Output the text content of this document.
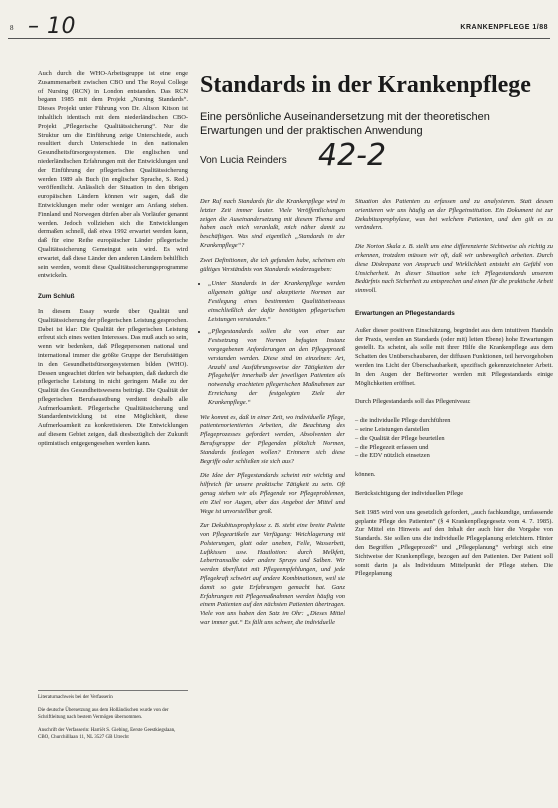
8 – 10	KRANKENPFLEGE 1/88

Auch durch die WHO-Arbeitsgruppe ist eine enge Zusammenarbeit zwischen CBO und The Royal College of Nursing (RCN) in London entstanden. Das RCN begann 1985 mit dem Projekt „Nursing Standards“. Dieses Projekt unter Führung von Dr. Alison Kitson ist inhaltlich identisch mit dem niederländischen CBO-Projekt „Pflegerische Qualitätssicherung“. Nur die Struktur um die Einführung zeige Unterschiede, auch resultiert durch Unterschiede in den nationalen Gesundheitsfürsorgesystemen. Die englischen und niederländischen Erfahrungen mit der Entwicklungen und der Einführung der pflegerischen Qualitätssicherung werden 1989 als Buch (in englischer Sprache, S. Red.) veröffentlicht. Anlässlich der Situation in den übrigen europäischen Ländern können wir sagen, daß die Entwicklungen mehr oder weniger am Anfang stehen. Finnland und Norwegen dürfen aber als Vorläufer genannt werden. Jedoch vollziehen sich die Entwicklungen dermaßen schnell, daß etwa 1992 erwartet werden kann, daß für eine Reihe europäischer Länder pflegerische Qualitätssicherung Gemeingut sein wird. Es wird erwartet, daß diese Länder den anderen Ländern behilflich sein werden, womit diese Qualitätssicherungsprogramme entwickeln.

Zum Schluß

In diesem Essay wurde über Qualität und Qualitätssicherung der pflegerischen Leistung gesprochen. Dabei ist klar: Die Qualität der pflegerischen Leistung erfreut sich eines weiten Interesses. Das muß auch so sein, wenn wir bedenken, daß Pflegepersonen national und international immer die größte Gruppe der Berufstätigen in den Gesundheitsfürsorgesystemen bilden (WHO). Dessen ungeachtet dürfen wir behaupten, daß dadurch die pflegerische Leistung in nicht geringem Maße zu der Qualität des Gesundheitswesens beiträgt. Die Qualität der pflegerischen Berufsausübung verdient deshalb alle Aufmerksamkeit. Pflegerische Qualitätssicherung und Standardentwicklung ist eine Möglichkeit, diese Aufmerksamkeit zu konkretisieren. Die Entwicklungen auf diesem Gebiet zeigen, daß diesbezüglich der Zukunft optimistisch entgegengesehen werden kann.

Literaturnachweis bei der Verfasserin

Die deutsche Übersetzung aus dem Holländischen wurde von der Schriftleitung nach bestem Vermögen übernommen.

Anschrift der Verfasserin: Harriët S. Giebing, Eerste Geestkiegslaan, CBO, Churchilllaan 11, NL 3527 GB Utrecht

Standards in der Krankenpflege
Eine persönliche Auseinandersetzung mit der theoretischen Erwartungen und der praktischen Anwendung
Von Lucia Reinders 42-2

Der Ruf nach Standards für die Krankenpflege wird in letzter Zeit immer lauter. Viele Veröffentlichungen zeigen die Auseinandersetzung mit diesem Thema und haben auch mich veranlaßt, mich näher damit zu beschäftigen. Was sind eigentlich „Standards in der Krankenpflege“?

Zwei Definitionen, die ich gefunden habe, scheinen ein gültiges Verständnis von Standards wiederzugeben:

• „Unter Standards in der Krankenpflege werden allgemein gültige und akzeptierte Normen zur Festlegung eines bestimmten Qualitätsniveaus einschließlich der dafür benötigten pflegerischen Leistungen verstanden.“
• „Pflegestandards sollen die von einer zur Festsetzung von Normen befugten Instanz vorgegebenen Anforderungen an den Pflegeprozeß verstanden werden. Diese sind im einzelnen: Art, Anzahl und Ausführungsweise der Tätigkeiten der Pflegehelfer innerhalb der jeweiligen Patienten als notwendig erachteten pflegerischen Maßnahmen zur Erreichung der festgelegten Ziele der Krankenpflege.“

Wie kommt es, daß in einer Zeit, wo individuelle Pflege, patientenorientiertes Arbeiten, die Beachtung des Pflegeprozesses gefordert werden, Absolventen der Berufsgruppe der Pflegenden plötzlich Normen, Standards festlegen wollen? Erinnern sich diese Begriffe oder schließen sie sich aus?

Die Idee der Pflegestandards scheint mir wichtig und hilfreich für unsere praktische Tätigkeit zu sein. Oft genug stehen wir als Pflegende vor Pflegeproblemen, ein Ziel vor Augen, aber das Angebot der Mittel und Wege ist unvorstellbar groß.

Zur Dekubitusprophylaxe z. B. steht eine breite Palette von Pflegeartikeln zur Verfügung: Weichlagerung mit Polsterungen, glatt oder uneben, Felle, Wasserbett, Luftkissen usw. Hautlotion: durch Melkfett, Lebertransalbe oder andere Sprays und Salben. Wir werden überflutet mit Pflegeempfehlungen, und jede Pflegekraft schwört auf andere Kombinationen, weil sie damit so gute Erfahrungen gemacht hat. Ganz Erfahrungen mit Pflegemaßnahmen werden häufig von einem Patienten auf den nächsten Patienten übertragen. Viele von uns haben den Satz im Ohr: „Dieses Mittel war immer gut.“ Es fällt uns schwer, die individuelle

Situation des Patienten zu erfassen und zu analysieren. Statt dessen orientieren wir uns häufig an der Pflegeinstitution. Ein Dokument ist zur Dekubitusprophylaxe, was bei welchem Patienten, und den gilt es zu verändern.

Die Norton Skala z. B. stellt uns eine differenzierte Sichtweise als richtig zu erkennen, trotzdem müssen wir oft, daß wir unbeweglich arbeiten. Durch diese Diskrepanz von Anspruch und Wirklichkeit entsteht ein Gefühl von Unsicherheit. In dieser Situation sehe ich Pflegestandards unserem Bedürfnis nach Sicherheit zu entsprechen und einen für die praktische Arbeit sinnvoll.

Erwartungen an Pflegestandards

Außer dieser positiven Einschätzung, begründet aus dem intuitiven Handeln der Praxis, werden an Standards (oder mit) leiten Ebene) hohe Erwartungen gestellt. Es scheint, als solle mit ihrer Hilfe die Krankenpflege aus dem Schatten des Unüberschaubaren, der diffusen Funktionen, teil hervorgehoben werden ins Licht der Überschaubarkeit, spezifisch gekennzeichneter Arbeit. In den Augen der Befürworter werden mit Pflegestandards einige Möglichkeiten eröffnet.

Durch Pflegestandards soll das Pflegeniveau:

– die individuelle Pflege durchführen
– seine Leistungen darstellen
– die Qualität der Pflege beurteilen
– die Pflegezeit erfassen und
– die EDV nützlich einsetzen

können.

Berücksichtigung der individuellen Pflege

Seit 1985 wird von uns gesetzlich gefordert, „auch fachkundige, umfassende geplante Pflege des Patienten“ (§ 4 Krankenpflegegesetz vom 4. 7. 1985). Zur Mittel ein Hinweis auf den Inhalt der auch hier die Vorgabe von Standards. Sie sollen uns die individuelle Pflegeplanung erleichtern. Hinter den Begriffen „Pflegeprozeß“ und „Pflegeplanung“ verbirgt sich eine Sichtweise der Krankenpflege, bezogen auf den Patienten. Der Patient soll somit darin ja als Individuum Mittelpunkt der Pflege stehen. Die Pflegeplanung
